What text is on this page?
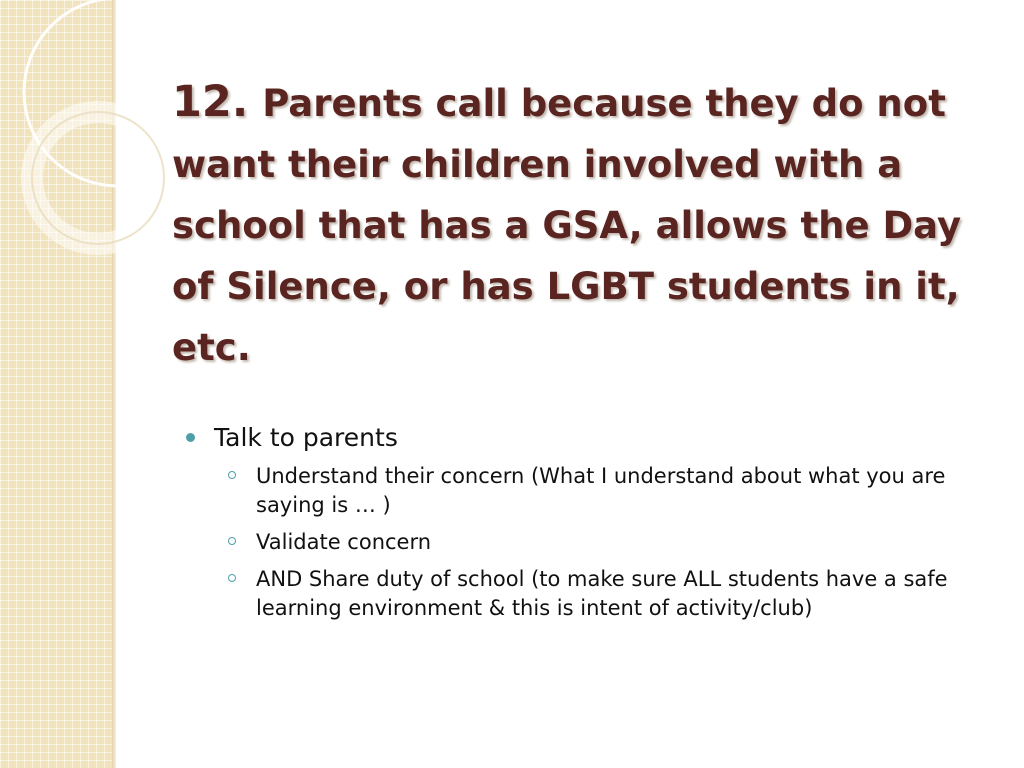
12. Parents call because they do not want their children involved with a school that has a GSA, allows the Day of Silence, or has LGBT students in it, etc.
Talk to parents
Understand their concern (What I understand about what you are saying is … )
Validate concern
AND Share duty of school (to make sure ALL students have a safe learning environment & this is intent of activity/club)
